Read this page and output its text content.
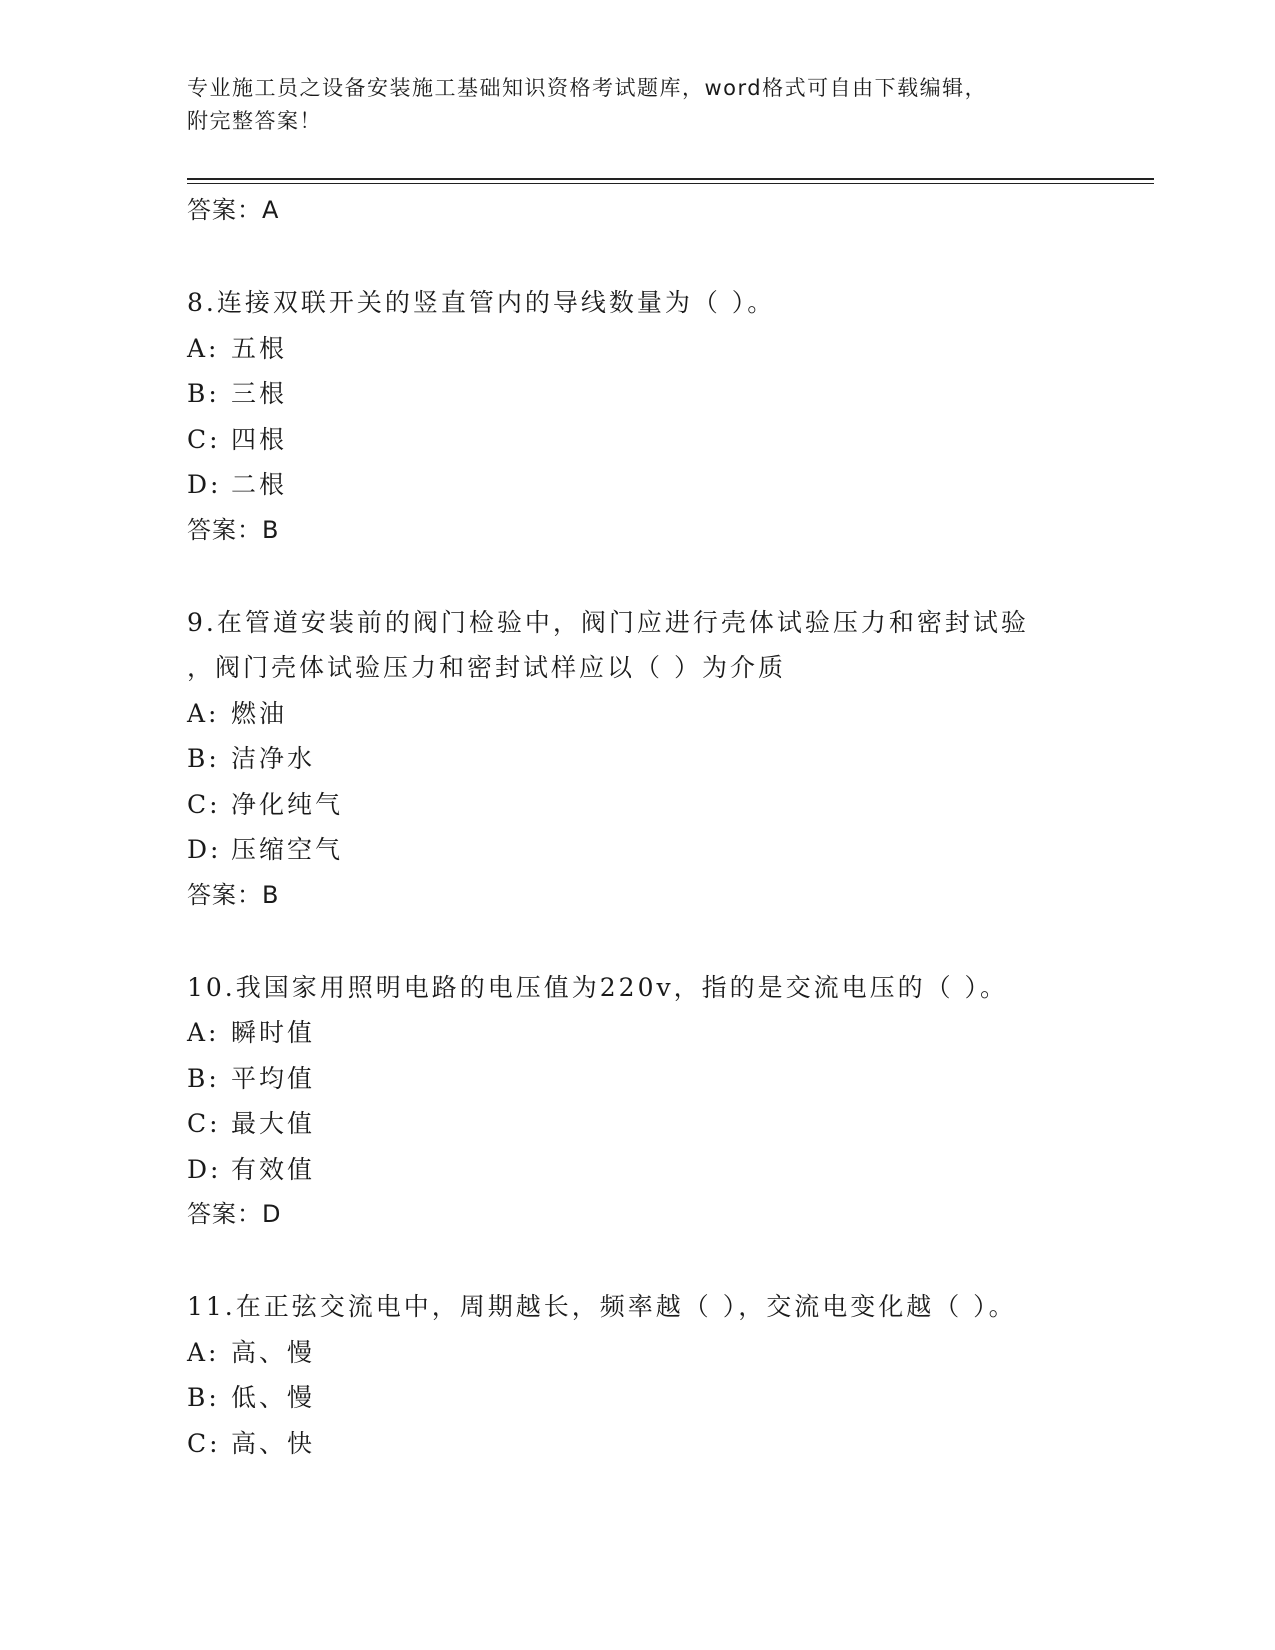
专业施工员之设备安装施工基础知识资格考试题库，word格式可自由下载编辑，
附完整答案！
答案：A
8.连接双联开关的竖直管内的导线数量为（ ）。
A: 五根
B: 三根
C: 四根
D: 二根
答案：B
9.在管道安装前的阀门检验中，阀门应进行壳体试验压力和密封试验
，阀门壳体试验压力和密封试样应以（ ）为介质
A: 燃油
B: 洁净水
C: 净化纯气
D: 压缩空气
答案：B
10.我国家用照明电路的电压值为220v，指的是交流电压的（ ）。
A: 瞬时值
B: 平均值
C: 最大值
D: 有效值
答案：D
11.在正弦交流电中，周期越长，频率越（ ），交流电变化越（ ）。
A: 高、慢
B: 低、慢
C: 高、快
